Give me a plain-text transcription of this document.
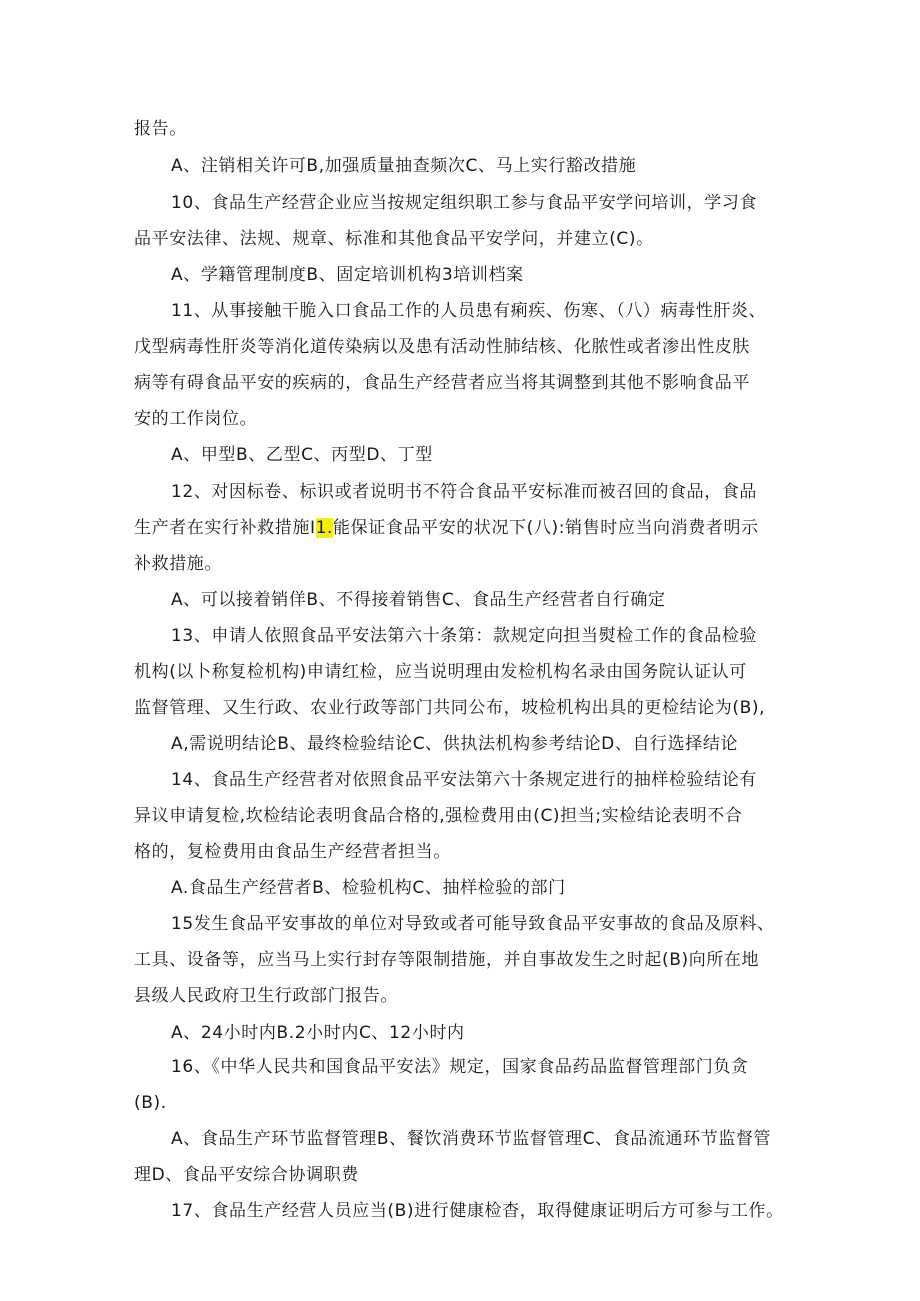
报告。
A、注销相关许可B,加强质量抽查频次C、马上实行豁改措施
10、食品生产经营企业应当按规定组织职工参与食品平安学问培训，学习食
品平安法律、法规、规章、标准和其他食品平安学问，并建立(C)。
A、学籍管理制度B、固定培训机构3培训档案
11、从事接触干脆入口食品工作的人员患有痢疾、伤寒、（八）病毒性肝炎、
戊型病毒性肝炎等消化道传染病以及患有活动性肺结核、化脓性或者渗出性皮肤
病等有碍食品平安的疾病的，食品生产经营者应当将其调整到其他不影响食品平
安的工作岗位。
A、甲型B、乙型C、丙型D、丁型
12、对因标卷、标识或者说明书不符合食品平安标准而被召回的食品，食品
生产者在实行补救措施I1.能保证食品平安的状况下(八):销售时应当向消费者明示
补救措施。
A、可以接着销佯B、不得接着销售C、食品生产经营者自行确定
13、申请人依照食品平安法第六十条第：款规定向担当熨检工作的食品检验
机构(以卜称复检机构)申请红检，应当说明理由发检机构名录由国务院认证认可
监督管理、又生行政、农业行政等部门共同公布，坡检机构出具的更检结论为(B),
A,需说明结论B、最终检验结论C、供执法机构参考结论D、自行选择结论
14、食品生产经营者对依照食品平安法第六十条规定进行的抽样检验结论有
异议申请复检,坎检结论表明食品合格的,强检费用由(C)担当;实检结论表明不合
格的，复检费用由食品生产经营者担当。
A.食品生产经营者B、检验机构C、抽样检验的部门
15发生食品平安事故的单位对导致或者可能导致食品平安事故的食品及原料、
工具、设备等，应当马上实行封存等限制措施，并自事故发生之时起(B)向所在地
县级人民政府卫生行政部门报告。
A、24小时内B.2小时内C、12小时内
16、《中华人民共和国食品平安法》规定，国家食品药品监督管理部门负贪
(B).
A、食品生产环节监督管理B、餐饮消费环节监督管理C、食品流通环节监督管
理D、食品平安综合协调职费
17、食品生产经营人员应当(B)进行健康检杳，取得健康证明后方可参与工作。
